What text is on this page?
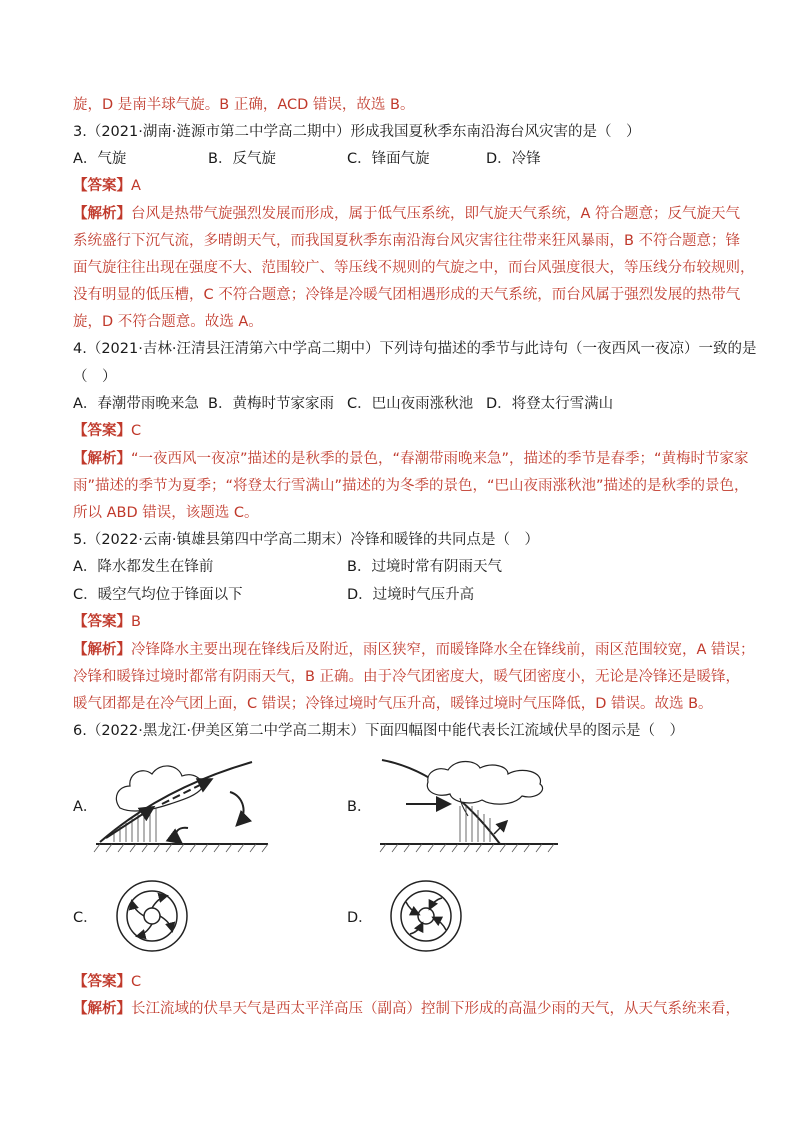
旋，D 是南半球气旋。B 正确，ACD 错误，故选 B。
3.（2021·湖南·涟源市第二中学高二期中）形成我国夏秋季东南沿海台风灾害的是（　）
A．气旋	B．反气旋	C．锋面气旋	D．冷锋
【答案】A
【解析】台风是热带气旋强烈发展而形成，属于低气压系统，即气旋天气系统，A 符合题意；反气旋天气
系统盛行下沉气流，多晴朗天气，而我国夏秋季东南沿海台风灾害往往带来狂风暴雨，B 不符合题意；锋
面气旋往往出现在强度不大、范围较广、等压线不规则的气旋之中，而台风强度很大，等压线分布较规则，
没有明显的低压槽，C 不符合题意；冷锋是冷暖气团相遇形成的天气系统，而台风属于强烈发展的热带气
旋，D 不符合题意。故选 A。
4.（2021·吉林·汪清县汪清第六中学高二期中）下列诗句描述的季节与此诗句（一夜西风一夜凉）一致的是
（　）
A．春潮带雨晚来急 B．黄梅时节家家雨 C．巴山夜雨涨秋池 D．将登太行雪满山
【答案】C
【解析】“一夜西风一夜凉”描述的是秋季的景色，“春潮带雨晚来急”，描述的季节是春季；“黄梅时节家家
雨”描述的季节为夏季；“将登太行雪满山”描述的为冬季的景色，“巴山夜雨涨秋池”描述的是秋季的景色，
所以 ABD 错误，该题选 C。
5.（2022·云南·镇雄县第四中学高二期末）冷锋和暖锋的共同点是（　）
A．降水都发生在锋前	B．过境时常有阴雨天气
C．暖空气均位于锋面以下	D．过境时气压升高
【答案】B
【解析】冷锋降水主要出现在锋线后及附近，雨区狭窄，而暖锋降水全在锋线前，雨区范围较宽，A 错误；
冷锋和暖锋过境时都常有阴雨天气，B 正确。由于冷气团密度大，暖气团密度小，无论是冷锋还是暖锋，
暖气团都是在冷气团上面，C 错误；冷锋过境时气压升高，暖锋过境时气压降低，D 错误。故选 B。
6.（2022·黑龙江·伊美区第二中学高二期末）下面四幅图中能代表长江流域伏旱的图示是（　）
A．	B．
C．	D．
【答案】C
【解析】长江流域的伏旱天气是西太平洋高压（副高）控制下形成的高温少雨的天气，从天气系统来看，
